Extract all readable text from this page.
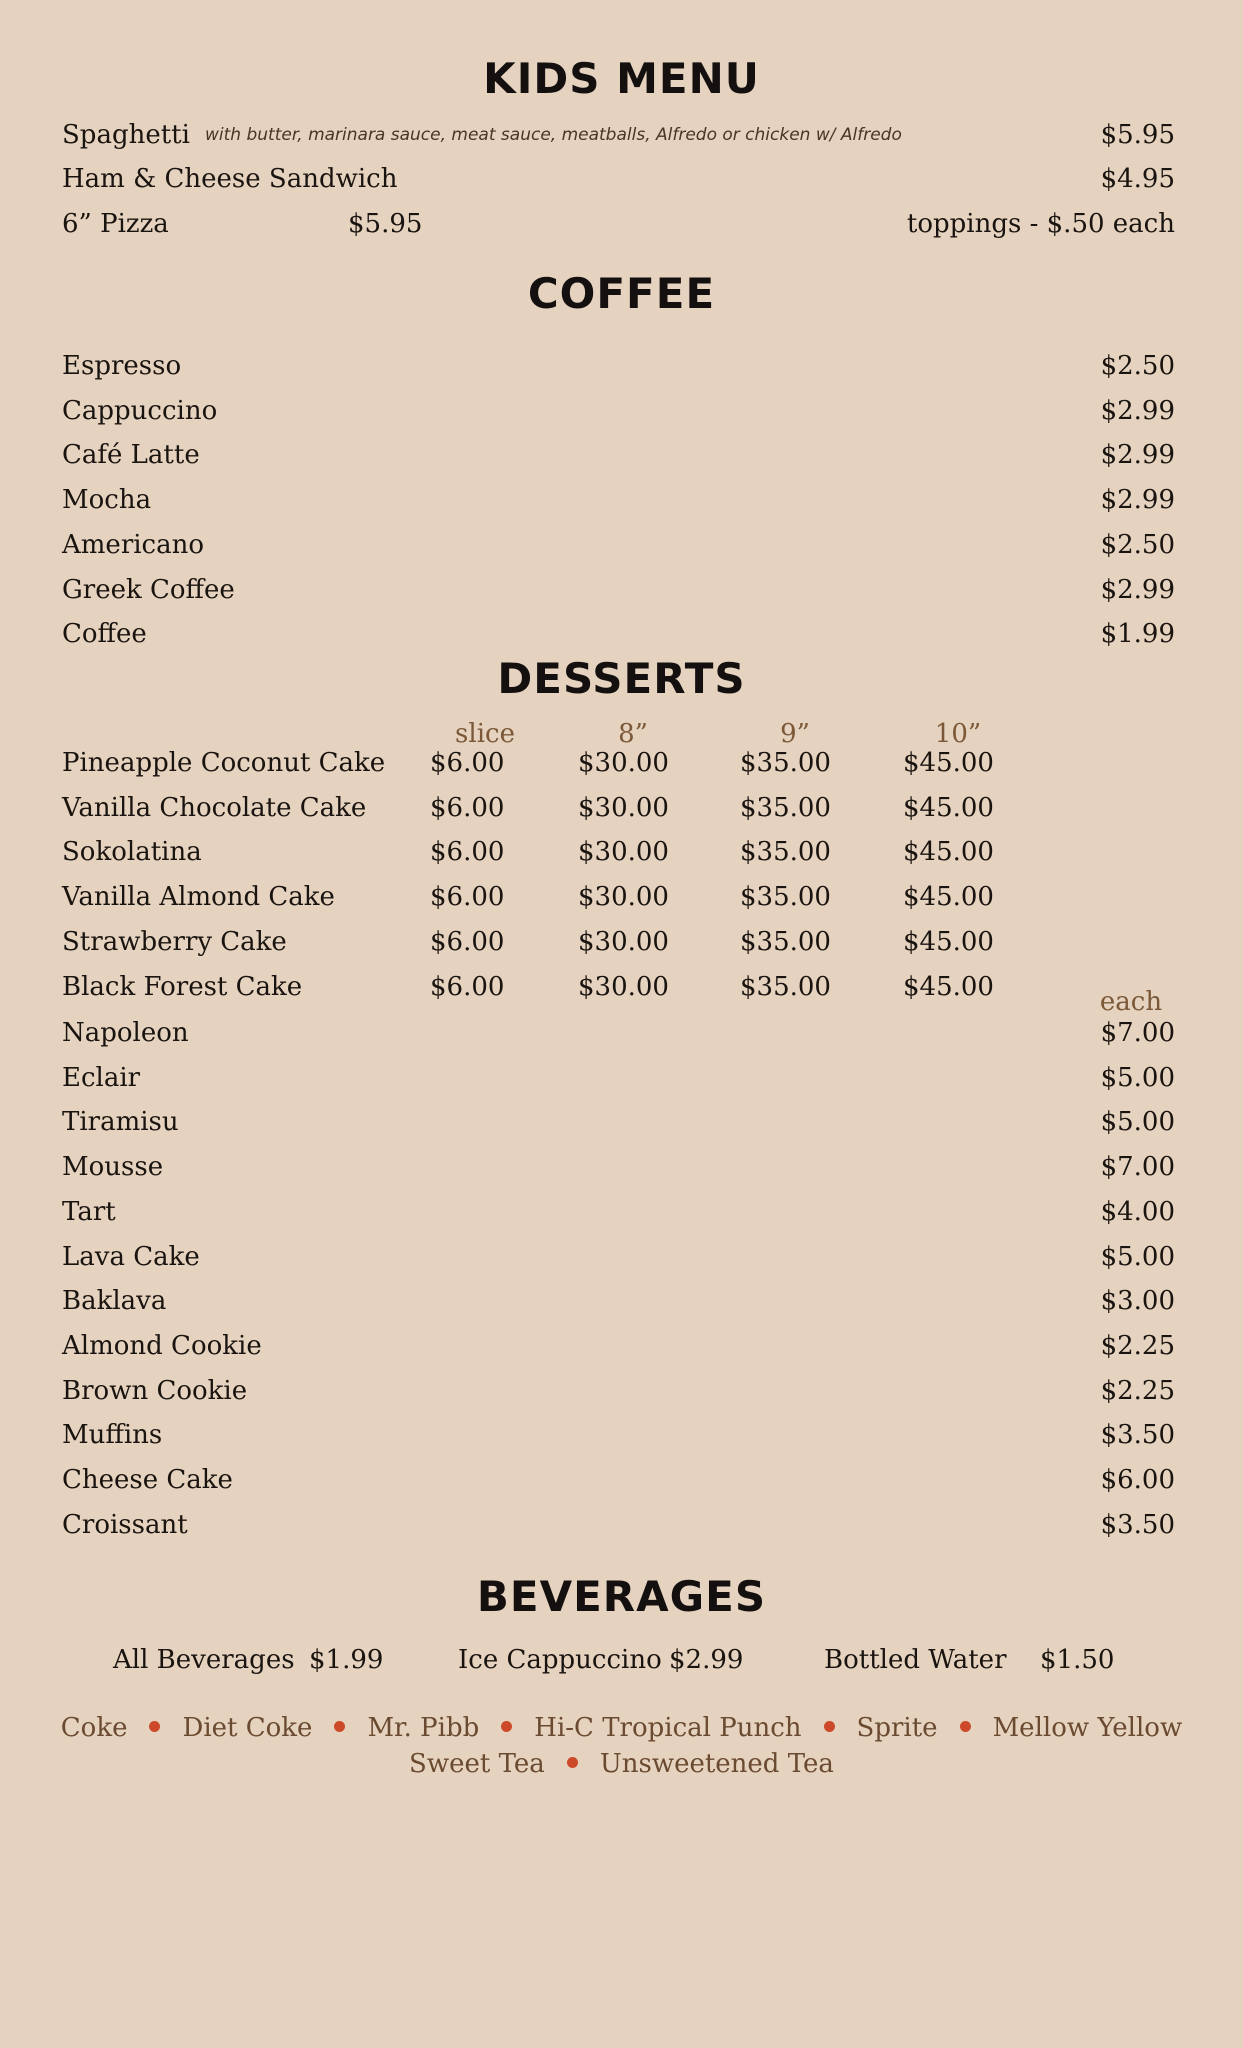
KIDS MENU
Spaghetti with butter, marinara sauce, meat sauce, meatballs, Alfredo or chicken w/ Alfredo	$5.95
Ham & Cheese Sandwich	$4.95
6” Pizza	$5.95	toppings - $.50 each
COFFEE
Espresso	$2.50
Cappuccino	$2.99
Café Latte	$2.99
Mocha	$2.99
Americano	$2.50
Greek Coffee	$2.99
Coffee	$1.99
DESSERTS
slice	8”	9”	10”
Pineapple Coconut Cake $6.00	$30.00	$35.00	$45.00
Vanilla Chocolate Cake $6.00	$30.00	$35.00	$45.00
Sokolatina	$6.00	$30.00	$35.00	$45.00
Vanilla Almond Cake	$6.00	$30.00	$35.00	$45.00
Strawberry Cake	$6.00	$30.00	$35.00	$45.00
Black Forest Cake	$6.00	$30.00	$35.00	$45.00
each
Napoleon	$7.00
Eclair	$5.00
Tiramisu	$5.00
Mousse	$7.00
Tart	$4.00
Lava Cake	$5.00
Baklava	$3.00
Almond Cookie	$2.25
Brown Cookie	$2.25
Muffins	$3.50
Cheese Cake	$6.00
Croissant	$3.50
BEVERAGES
All Beverages $1.99	Ice Cappuccino $2.99	Bottled Water $1.50
Coke Diet Coke Mr. Pibb Hi-C Tropical Punch Sprite Mellow Yellow
Sweet Tea Unsweetened Tea
